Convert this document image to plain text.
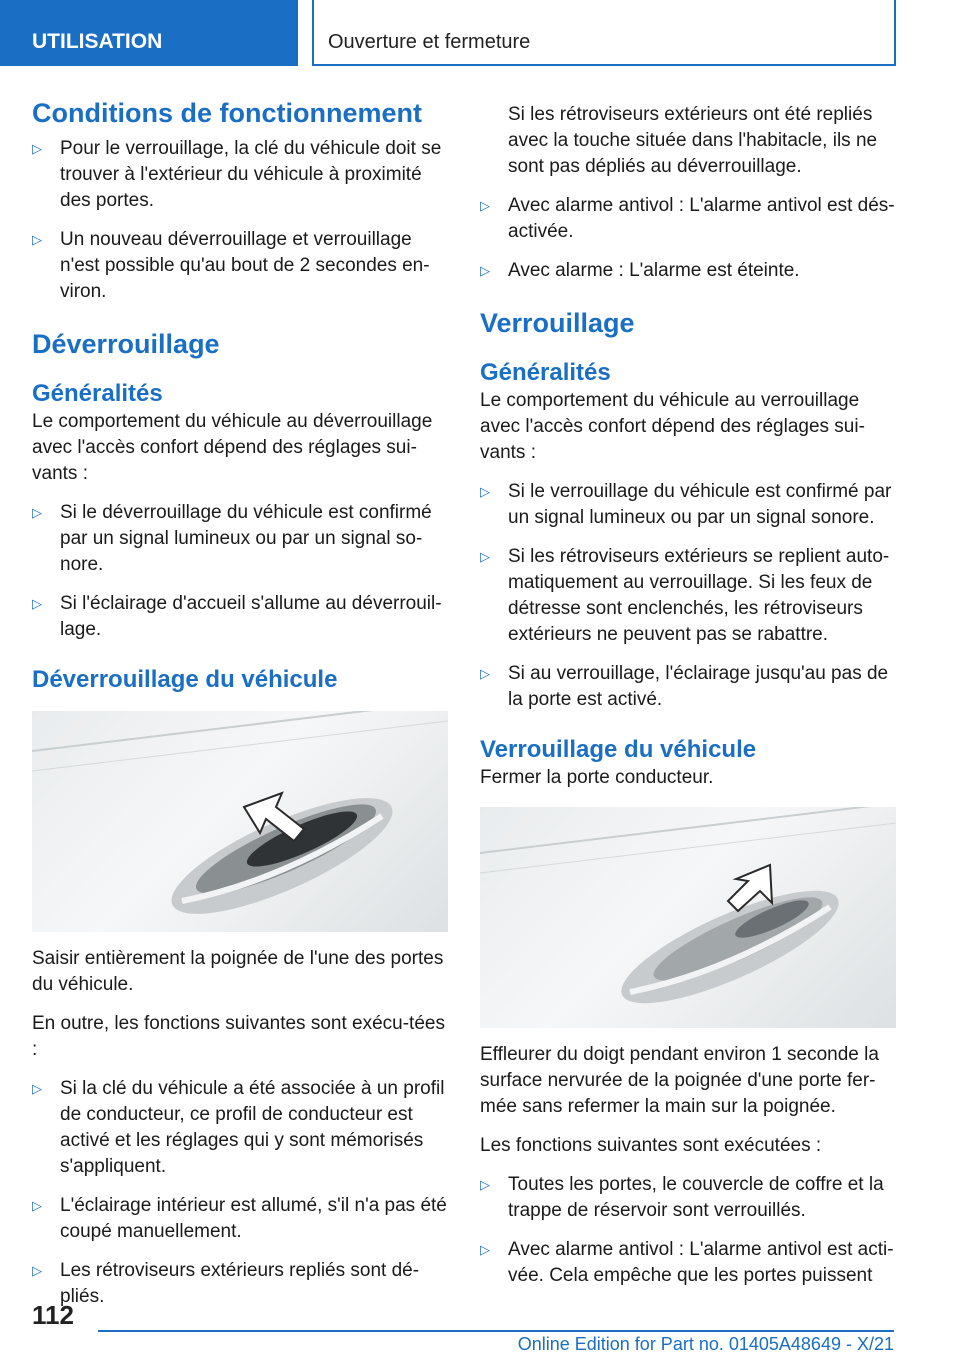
UTILISATION	Ouverture et fermeture
Conditions de fonctionnement
▷ Pour le verrouillage, la clé du véhicule doit se trouver à l'extérieur du véhicule à proximité des portes.
▷ Un nouveau déverrouillage et verrouillage n'est possible qu'au bout de 2 secondes en-viron.
Déverrouillage
Généralités

Le comportement du véhicule au déverrouillage avec l'accès confort dépend des réglages sui-vants :

▷ Si le déverrouillage du véhicule est confirmé par un signal lumineux ou par un signal so-nore.
▷ Si l'éclairage d'accueil s'allume au déverrouil-lage.
Déverrouillage du véhicule

Saisir entièrement la poignée de l'une des portes du véhicule.

En outre, les fonctions suivantes sont exécu-tées :

▷ Si la clé du véhicule a été associée à un profil de conducteur, ce profil de conducteur est activé et les réglages qui y sont mémorisés s'appliquent.
▷ L'éclairage intérieur est allumé, s'il n'a pas été coupé manuellement.
▷ Les rétroviseurs extérieurs repliés sont dé-pliés.

Si les rétroviseurs extérieurs ont été repliés avec la touche située dans l'habitacle, ils ne sont pas dépliés au déverrouillage.

▷ Avec alarme antivol : L'alarme antivol est dés-activée.
▷ Avec alarme : L'alarme est éteinte.
Verrouillage
Généralités

Le comportement du véhicule au verrouillage avec l'accès confort dépend des réglages sui-vants :

▷ Si le verrouillage du véhicule est confirmé par un signal lumineux ou par un signal sonore.
▷ Si les rétroviseurs extérieurs se replient auto-matiquement au verrouillage. Si les feux de détresse sont enclenchés, les rétroviseurs extérieurs ne peuvent pas se rabattre.
▷ Si au verrouillage, l'éclairage jusqu'au pas de la porte est activé.
Verrouillage du véhicule

Fermer la porte conducteur.

Effleurer du doigt pendant environ 1 seconde la surface nervurée de la poignée d'une porte fer-mée sans refermer la main sur la poignée.

Les fonctions suivantes sont exécutées :

▷ Toutes les portes, le couvercle de coffre et la trappe de réservoir sont verrouillés.
▷ Avec alarme antivol : L'alarme antivol est acti-vée. Cela empêche que les portes puissent
112
Online Edition for Part no. 01405A48649 - X/21
